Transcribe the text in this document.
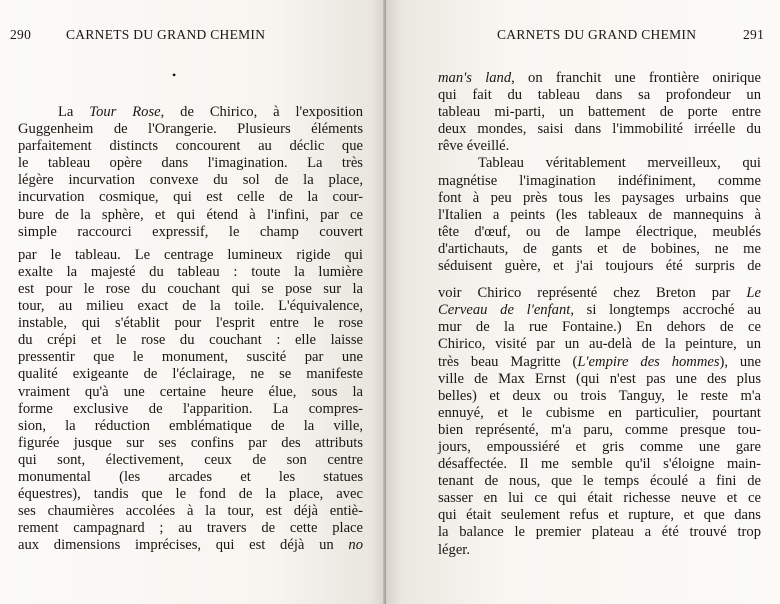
290	CARNETS DU GRAND CHEMIN
•
La Tour Rose, de Chirico, à l'exposition
Guggenheim de l'Orangerie. Plusieurs éléments
parfaitement distincts concourent au déclic que
le tableau opère dans l'imagination. La très
légère incurvation convexe du sol de la place,
incurvation cosmique, qui est celle de la cour-
bure de la sphère, et qui étend à l'infini, par ce
simple raccourci expressif, le champ couvert
par le tableau. Le centrage lumineux rigide qui
exalte la majesté du tableau : toute la lumière
est pour le rose du couchant qui se pose sur la
tour, au milieu exact de la toile. L'équivalence,
instable, qui s'établit pour l'esprit entre le rose
du crépi et le rose du couchant : elle laisse
pressentir que le monument, suscité par une
qualité exigeante de l'éclairage, ne se manifeste
vraiment qu'à une certaine heure élue, sous la
forme exclusive de l'apparition. La compres-
sion, la réduction emblématique de la ville,
figurée jusque sur ses confins par des attributs
qui sont, électivement, ceux de son centre
monumental (les arcades et les statues
équestres), tandis que le fond de la place, avec
ses chaumières accolées à la tour, est déjà entiè-
rement campagnard ; au travers de cette place
aux dimensions imprécises, qui est déjà un no
CARNETS DU GRAND CHEMIN	291
man's land, on franchit une frontière onirique
qui fait du tableau dans sa profondeur un
tableau mi-parti, un battement de porte entre
deux mondes, saisi dans l'immobilité irréelle du
rêve éveillé.
Tableau véritablement merveilleux, qui
magnétise l'imagination indéfiniment, comme
font à peu près tous les paysages urbains que
l'Italien a peints (les tableaux de mannequins à
tête d'œuf, ou de lampe électrique, meublés
d'artichauts, de gants et de bobines, ne me
séduisent guère, et j'ai toujours été surpris de
voir Chirico représenté chez Breton par Le
Cerveau de l'enfant, si longtemps accroché au
mur de la rue Fontaine.) En dehors de ce
Chirico, visité par un au-delà de la peinture, un
très beau Magritte (L'empire des hommes), une
ville de Max Ernst (qui n'est pas une des plus
belles) et deux ou trois Tanguy, le reste m'a
ennuyé, et le cubisme en particulier, pourtant
bien représenté, m'a paru, comme presque tou-
jours, empoussiéré et gris comme une gare
désaffectée. Il me semble qu'il s'éloigne main-
tenant de nous, que le temps écoulé a fini de
sasser en lui ce qui était richesse neuve et ce
qui était seulement refus et rupture, et que dans
la balance le premier plateau a été trouvé trop
léger.
